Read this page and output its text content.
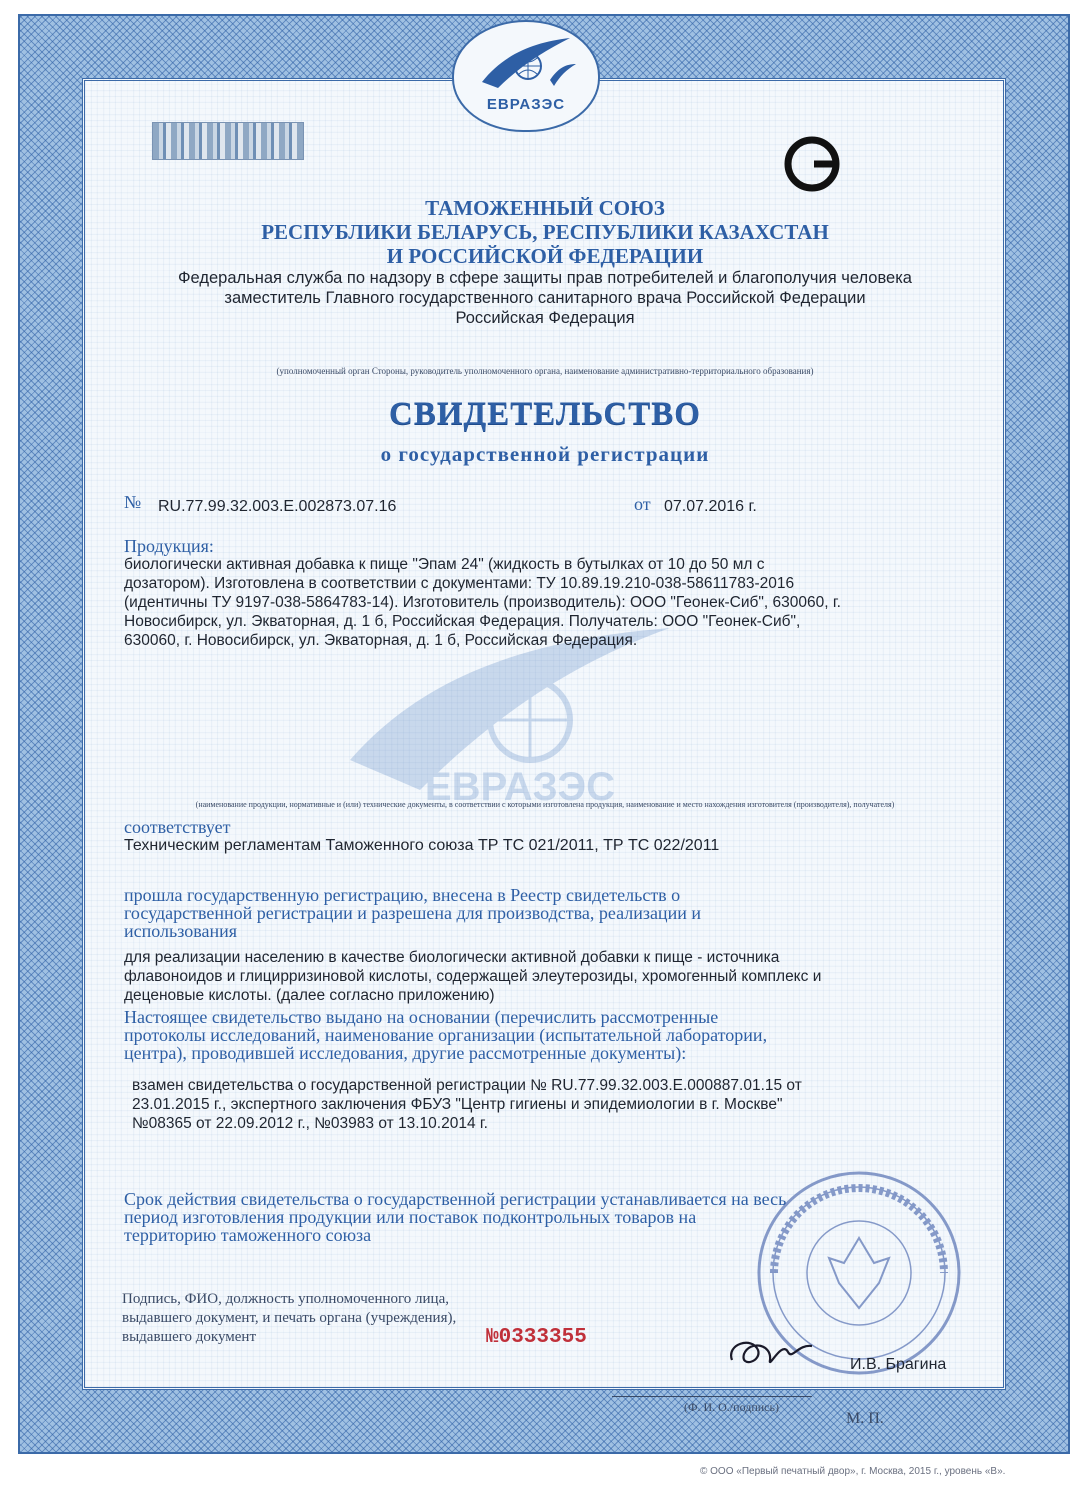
ЕВРАЗЭС
ТАМОЖЕННЫЙ СОЮЗ
РЕСПУБЛИКИ БЕЛАРУСЬ, РЕСПУБЛИКИ КАЗАХСТАН
И РОССИЙСКОЙ ФЕДЕРАЦИИ
Федеральная служба по надзору в сфере защиты прав потребителей и благополучия человека
заместитель Главного государственного санитарного врача Российской Федерации
Российская Федерация
(уполномоченный орган Стороны, руководитель уполномоченного органа, наименование административно-территориального образования)
СВИДЕТЕЛЬСТВО
о государственной регистрации
№ RU.77.99.32.003.E.002873.07.16	от 07.07.2016 г.
ЕВРАЗЭС
Продукция:
биологически активная добавка к пище "Эпам 24" (жидкость в бутылках от 10 до 50 мл с
дозатором). Изготовлена в соответствии с документами: ТУ 10.89.19.210-038-58611783-2016
(идентичны ТУ 9197-038-5864783-14). Изготовитель (производитель): ООО "Геонек-Сиб", 630060, г.
Новосибирск, ул. Экваторная, д. 1 б, Российская Федерация. Получатель: ООО "Геонек-Сиб",
630060, г. Новосибирск, ул. Экваторная, д. 1 б, Российская Федерация.
(наименование продукции, нормативные и (или) технические документы, в соответствии с которыми изготовлена продукция, наименование и место нахождения изготовителя (производителя), получателя)
соответствует
Техническим регламентам Таможенного союза ТР ТС 021/2011, ТР ТС 022/2011
прошла государственную регистрацию, внесена в Реестр свидетельств о
государственной регистрации и разрешена для производства, реализации и
использования
для реализации населению в качестве биологически активной добавки к пище - источника
флавоноидов и глицирризиновой кислоты, содержащей элеутерозиды, хромогенный комплекс и
деценовые кислоты. (далее согласно приложению)
Настоящее свидетельство выдано на основании (перечислить рассмотренные
протоколы исследований, наименование организации (испытательной лаборатории,
центра), проводившей исследования, другие рассмотренные документы):
взамен свидетельства о государственной регистрации № RU.77.99.32.003.E.000887.01.15 от
23.01.2015 г., экспертного заключения ФБУЗ "Центр гигиены и эпидемиологии в г. Москве"
№08365 от 22.09.2012 г., №03983 от 13.10.2014 г.
Срок действия свидетельства о государственной регистрации устанавливается на весь
период изготовления продукции или поставок подконтрольных товаров на
территорию таможенного союза
Подпись, ФИО, должность уполномоченного лица,
выдавшего документ, и печать органа (учреждения),
выдавшего документ
И.В. Брагина
(Ф. И. О./подпись)
М. П.
№0333355
© ООО «Первый печатный двор», г. Москва, 2015 г., уровень «В».
